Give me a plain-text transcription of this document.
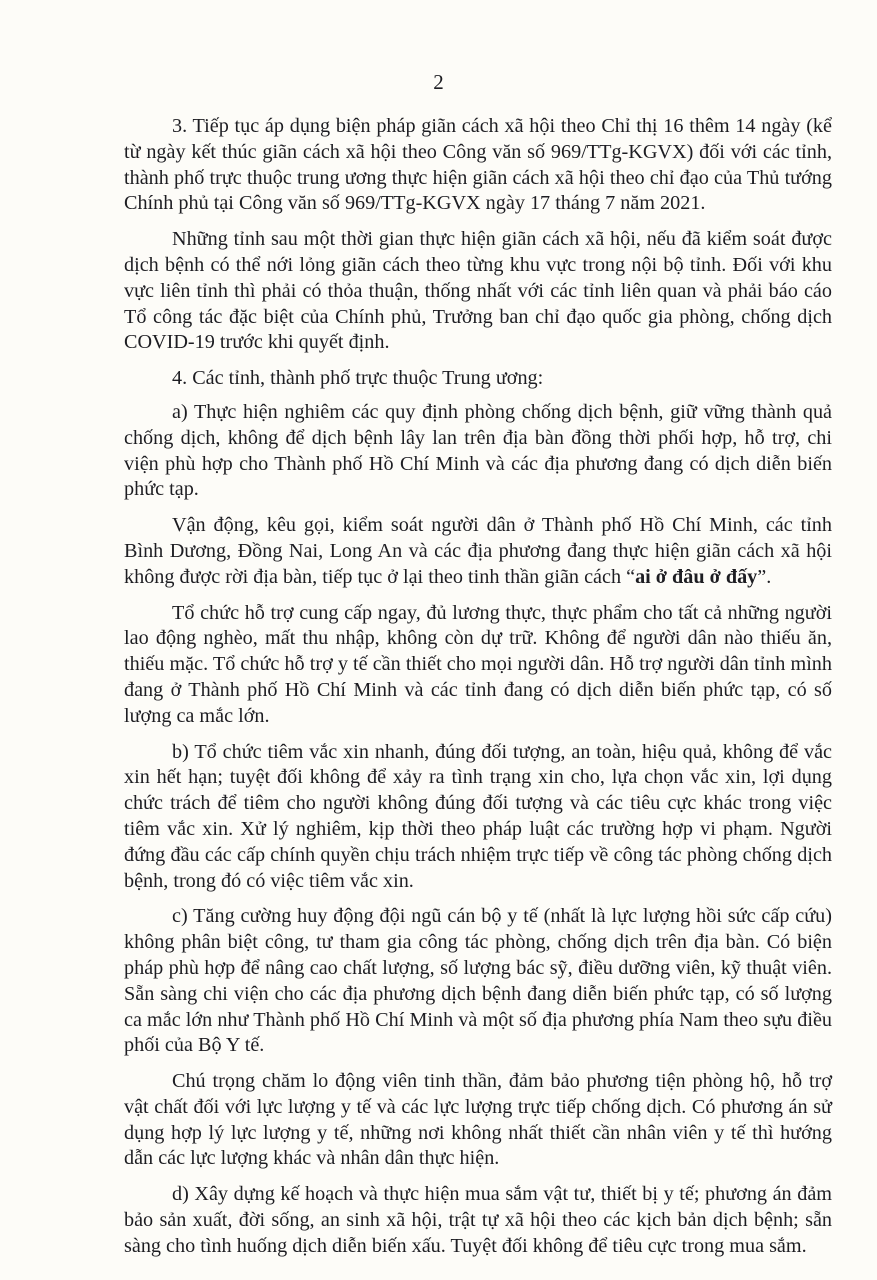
2

3. Tiếp tục áp dụng biện pháp giãn cách xã hội theo Chỉ thị 16 thêm 14 ngày (kể từ ngày kết thúc giãn cách xã hội theo Công văn số 969/TTg-KGVX) đối với các tỉnh, thành phố trực thuộc trung ương thực hiện giãn cách xã hội theo chỉ đạo của Thủ tướng Chính phủ tại Công văn số 969/TTg-KGVX ngày 17 tháng 7 năm 2021.

Những tỉnh sau một thời gian thực hiện giãn cách xã hội, nếu đã kiểm soát được dịch bệnh có thể nới lỏng giãn cách theo từng khu vực trong nội bộ tỉnh. Đối với khu vực liên tỉnh thì phải có thỏa thuận, thống nhất với các tỉnh liên quan và phải báo cáo Tổ công tác đặc biệt của Chính phủ, Trưởng ban chỉ đạo quốc gia phòng, chống dịch COVID-19 trước khi quyết định.

4. Các tỉnh, thành phố trực thuộc Trung ương:

a) Thực hiện nghiêm các quy định phòng chống dịch bệnh, giữ vững thành quả chống dịch, không để dịch bệnh lây lan trên địa bàn đồng thời phối hợp, hỗ trợ, chi viện phù hợp cho Thành phố Hồ Chí Minh và các địa phương đang có dịch diễn biến phức tạp.

Vận động, kêu gọi, kiểm soát người dân ở Thành phố Hồ Chí Minh, các tỉnh Bình Dương, Đồng Nai, Long An và các địa phương đang thực hiện giãn cách xã hội không được rời địa bàn, tiếp tục ở lại theo tinh thần giãn cách “ai ở đâu ở đấy”.

Tổ chức hỗ trợ cung cấp ngay, đủ lương thực, thực phẩm cho tất cả những người lao động nghèo, mất thu nhập, không còn dự trữ. Không để người dân nào thiếu ăn, thiếu mặc. Tổ chức hỗ trợ y tế cần thiết cho mọi người dân. Hỗ trợ người dân tỉnh mình đang ở Thành phố Hồ Chí Minh và các tỉnh đang có dịch diễn biến phức tạp, có số lượng ca mắc lớn.

b) Tổ chức tiêm vắc xin nhanh, đúng đối tượng, an toàn, hiệu quả, không để vắc xin hết hạn; tuyệt đối không để xảy ra tình trạng xin cho, lựa chọn vắc xin, lợi dụng chức trách để tiêm cho người không đúng đối tượng và các tiêu cực khác trong việc tiêm vắc xin. Xử lý nghiêm, kịp thời theo pháp luật các trường hợp vi phạm. Người đứng đầu các cấp chính quyền chịu trách nhiệm trực tiếp về công tác phòng chống dịch bệnh, trong đó có việc tiêm vắc xin.

c) Tăng cường huy động đội ngũ cán bộ y tế (nhất là lực lượng hồi sức cấp cứu) không phân biệt công, tư tham gia công tác phòng, chống dịch trên địa bàn. Có biện pháp phù hợp để nâng cao chất lượng, số lượng bác sỹ, điều dưỡng viên, kỹ thuật viên. Sẵn sàng chi viện cho các địa phương dịch bệnh đang diễn biến phức tạp, có số lượng ca mắc lớn như Thành phố Hồ Chí Minh và một số địa phương phía Nam theo sựu điều phối của Bộ Y tế.

Chú trọng chăm lo động viên tinh thần, đảm bảo phương tiện phòng hộ, hỗ trợ vật chất đối với lực lượng y tế và các lực lượng trực tiếp chống dịch. Có phương án sử dụng hợp lý lực lượng y tế, những nơi không nhất thiết cần nhân viên y tế thì hướng dẫn các lực lượng khác và nhân dân thực hiện.

d) Xây dựng kế hoạch và thực hiện mua sắm vật tư, thiết bị y tế; phương án đảm bảo sản xuất, đời sống, an sinh xã hội, trật tự xã hội theo các kịch bản dịch bệnh; sẵn sàng cho tình huống dịch diễn biến xấu. Tuyệt đối không để tiêu cực trong mua sắm.
